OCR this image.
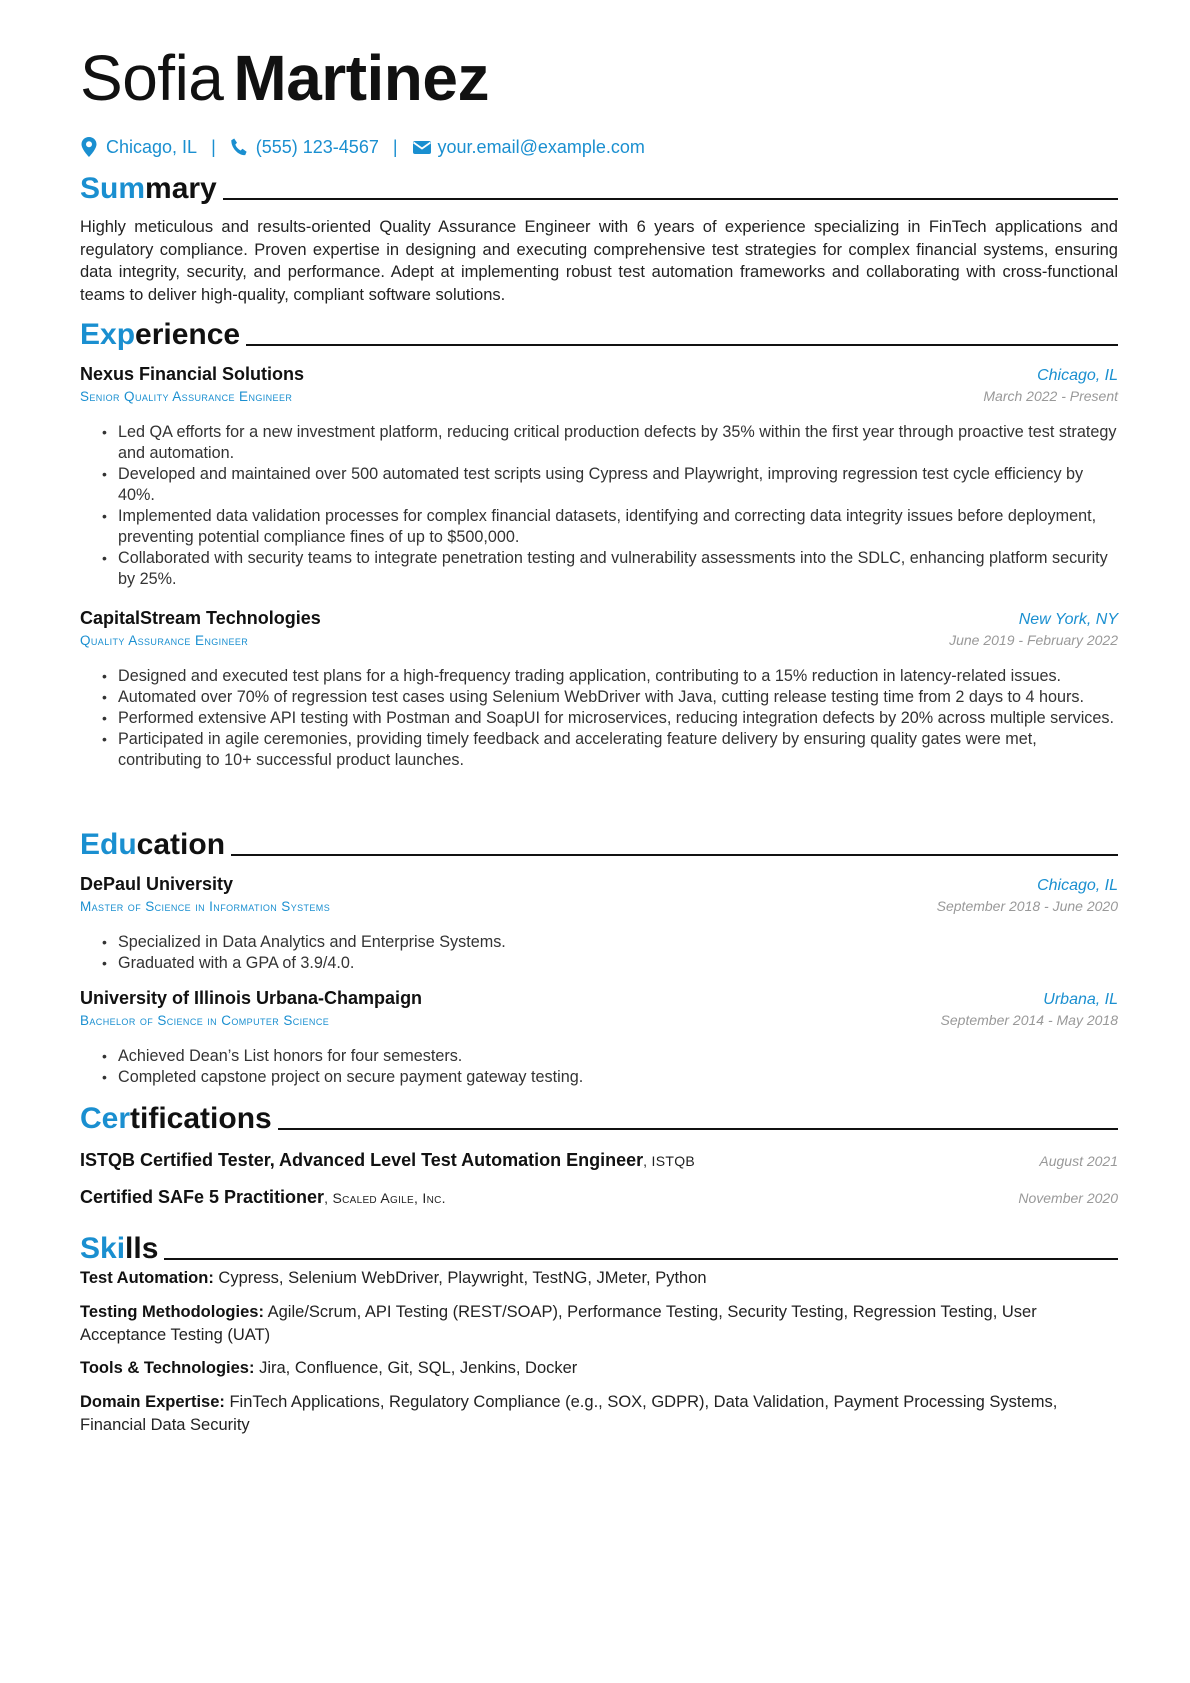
Sofia Martinez
Chicago, IL | (555) 123-4567 | your.email@example.com
Summary
Highly meticulous and results-oriented Quality Assurance Engineer with 6 years of experience specializing in FinTech applications and regulatory compliance. Proven expertise in designing and executing comprehensive test strategies for complex financial systems, ensuring data integrity, security, and performance. Adept at implementing robust test automation frameworks and collaborating with cross-functional teams to deliver high-quality, compliant software solutions.
Experience
Nexus Financial Solutions	Chicago, IL
Senior Quality Assurance Engineer	March 2022 - Present
• Led QA efforts for a new investment platform, reducing critical production defects by 35% within the first year through proactive test strategy and automation.
• Developed and maintained over 500 automated test scripts using Cypress and Playwright, improving regression test cycle efficiency by 40%.
• Implemented data validation processes for complex financial datasets, identifying and correcting data integrity issues before deployment, preventing potential compliance fines of up to $500,000.
• Collaborated with security teams to integrate penetration testing and vulnerability assessments into the SDLC, enhancing platform security by 25%.
CapitalStream Technologies	New York, NY
Quality Assurance Engineer	June 2019 - February 2022
• Designed and executed test plans for a high-frequency trading application, contributing to a 15% reduction in latency-related issues.
• Automated over 70% of regression test cases using Selenium WebDriver with Java, cutting release testing time from 2 days to 4 hours.
• Performed extensive API testing with Postman and SoapUI for microservices, reducing integration defects by 20% across multiple services.
• Participated in agile ceremonies, providing timely feedback and accelerating feature delivery by ensuring quality gates were met, contributing to 10+ successful product launches.
Education
DePaul University	Chicago, IL
Master of Science in Information Systems	September 2018 - June 2020
• Specialized in Data Analytics and Enterprise Systems.
• Graduated with a GPA of 3.9/4.0.
University of Illinois Urbana-Champaign	Urbana, IL
Bachelor of Science in Computer Science	September 2014 - May 2018
• Achieved Dean’s List honors for four semesters.
• Completed capstone project on secure payment gateway testing.
Certifications
ISTQB Certified Tester, Advanced Level Test Automation Engineer, ISTQB	August 2021
Certified SAFe 5 Practitioner, Scaled Agile, Inc.	November 2020
Skills
Test Automation: Cypress, Selenium WebDriver, Playwright, TestNG, JMeter, Python
Testing Methodologies: Agile/Scrum, API Testing (REST/SOAP), Performance Testing, Security Testing, Regression Testing, User Acceptance Testing (UAT)
Tools & Technologies: Jira, Confluence, Git, SQL, Jenkins, Docker
Domain Expertise: FinTech Applications, Regulatory Compliance (e.g., SOX, GDPR), Data Validation, Payment Processing Systems, Financial Data Security
